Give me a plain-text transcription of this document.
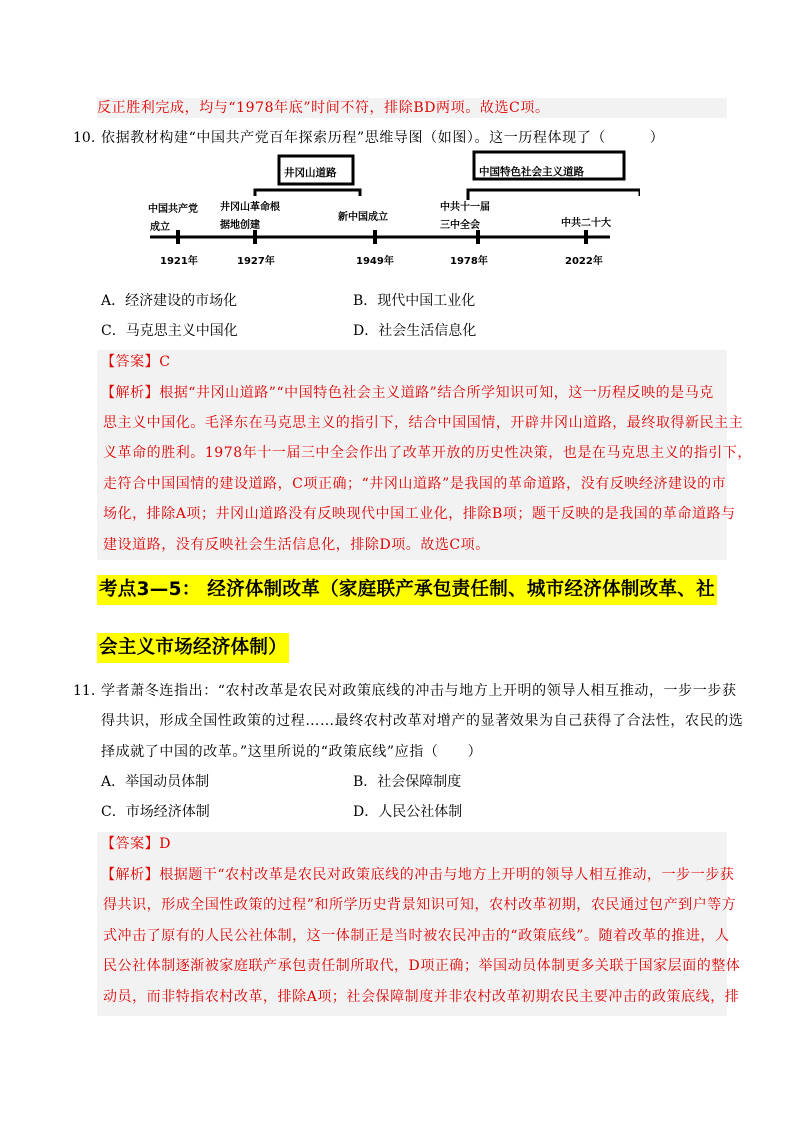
反正胜利完成，均与“1978年底”时间不符，排除BD两项。故选C项。
10. 依据教材构建“中国共产党百年探索历程”思维导图（如图）。这一历程体现了（　　　）
井冈山道路	中国特色社会主义道路
中国共产党
成立
1921年
井冈山革命根
据地创建
1927年
新中国成立
1949年
中共十一届
三中全会
1978年
中共二十大
2022年
A．经济建设的市场化	B．现代中国工业化
C．马克思主义中国化	D．社会生活信息化
【答案】C
【解析】根据“井冈山道路”“中国特色社会主义道路”结合所学知识可知，这一历程反映的是马克
思主义中国化。毛泽东在马克思主义的指引下，结合中国国情，开辟井冈山道路，最终取得新民主主
义革命的胜利。1978年十一届三中全会作出了改革开放的历史性决策，也是在马克思主义的指引下，
走符合中国国情的建设道路，C项正确；“井冈山道路”是我国的革命道路，没有反映经济建设的市
场化，排除A项；井冈山道路没有反映现代中国工业化，排除B项；题干反映的是我国的革命道路与
建设道路，没有反映社会生活信息化，排除D项。故选C项。
考点3—5： 经济体制改革（家庭联产承包责任制、城市经济体制改革、社
会主义市场经济体制）
11. 学者萧冬连指出：“农村改革是农民对政策底线的冲击与地方上开明的领导人相互推动，一步一步获
得共识，形成全国性政策的过程……最终农村改革对增产的显著效果为自己获得了合法性，农民的选
择成就了中国的改革。”这里所说的“政策底线”应指（　　）
A．举国动员体制	B．社会保障制度
C．市场经济体制	D．人民公社体制
【答案】D
【解析】根据题干“农村改革是农民对政策底线的冲击与地方上开明的领导人相互推动，一步一步获
得共识，形成全国性政策的过程”和所学历史背景知识可知，农村改革初期，农民通过包产到户等方
式冲击了原有的人民公社体制，这一体制正是当时被农民冲击的“政策底线”。随着改革的推进，人
民公社体制逐渐被家庭联产承包责任制所取代，D项正确；举国动员体制更多关联于国家层面的整体
动员，而非特指农村改革，排除A项；社会保障制度并非农村改革初期农民主要冲击的政策底线，排
